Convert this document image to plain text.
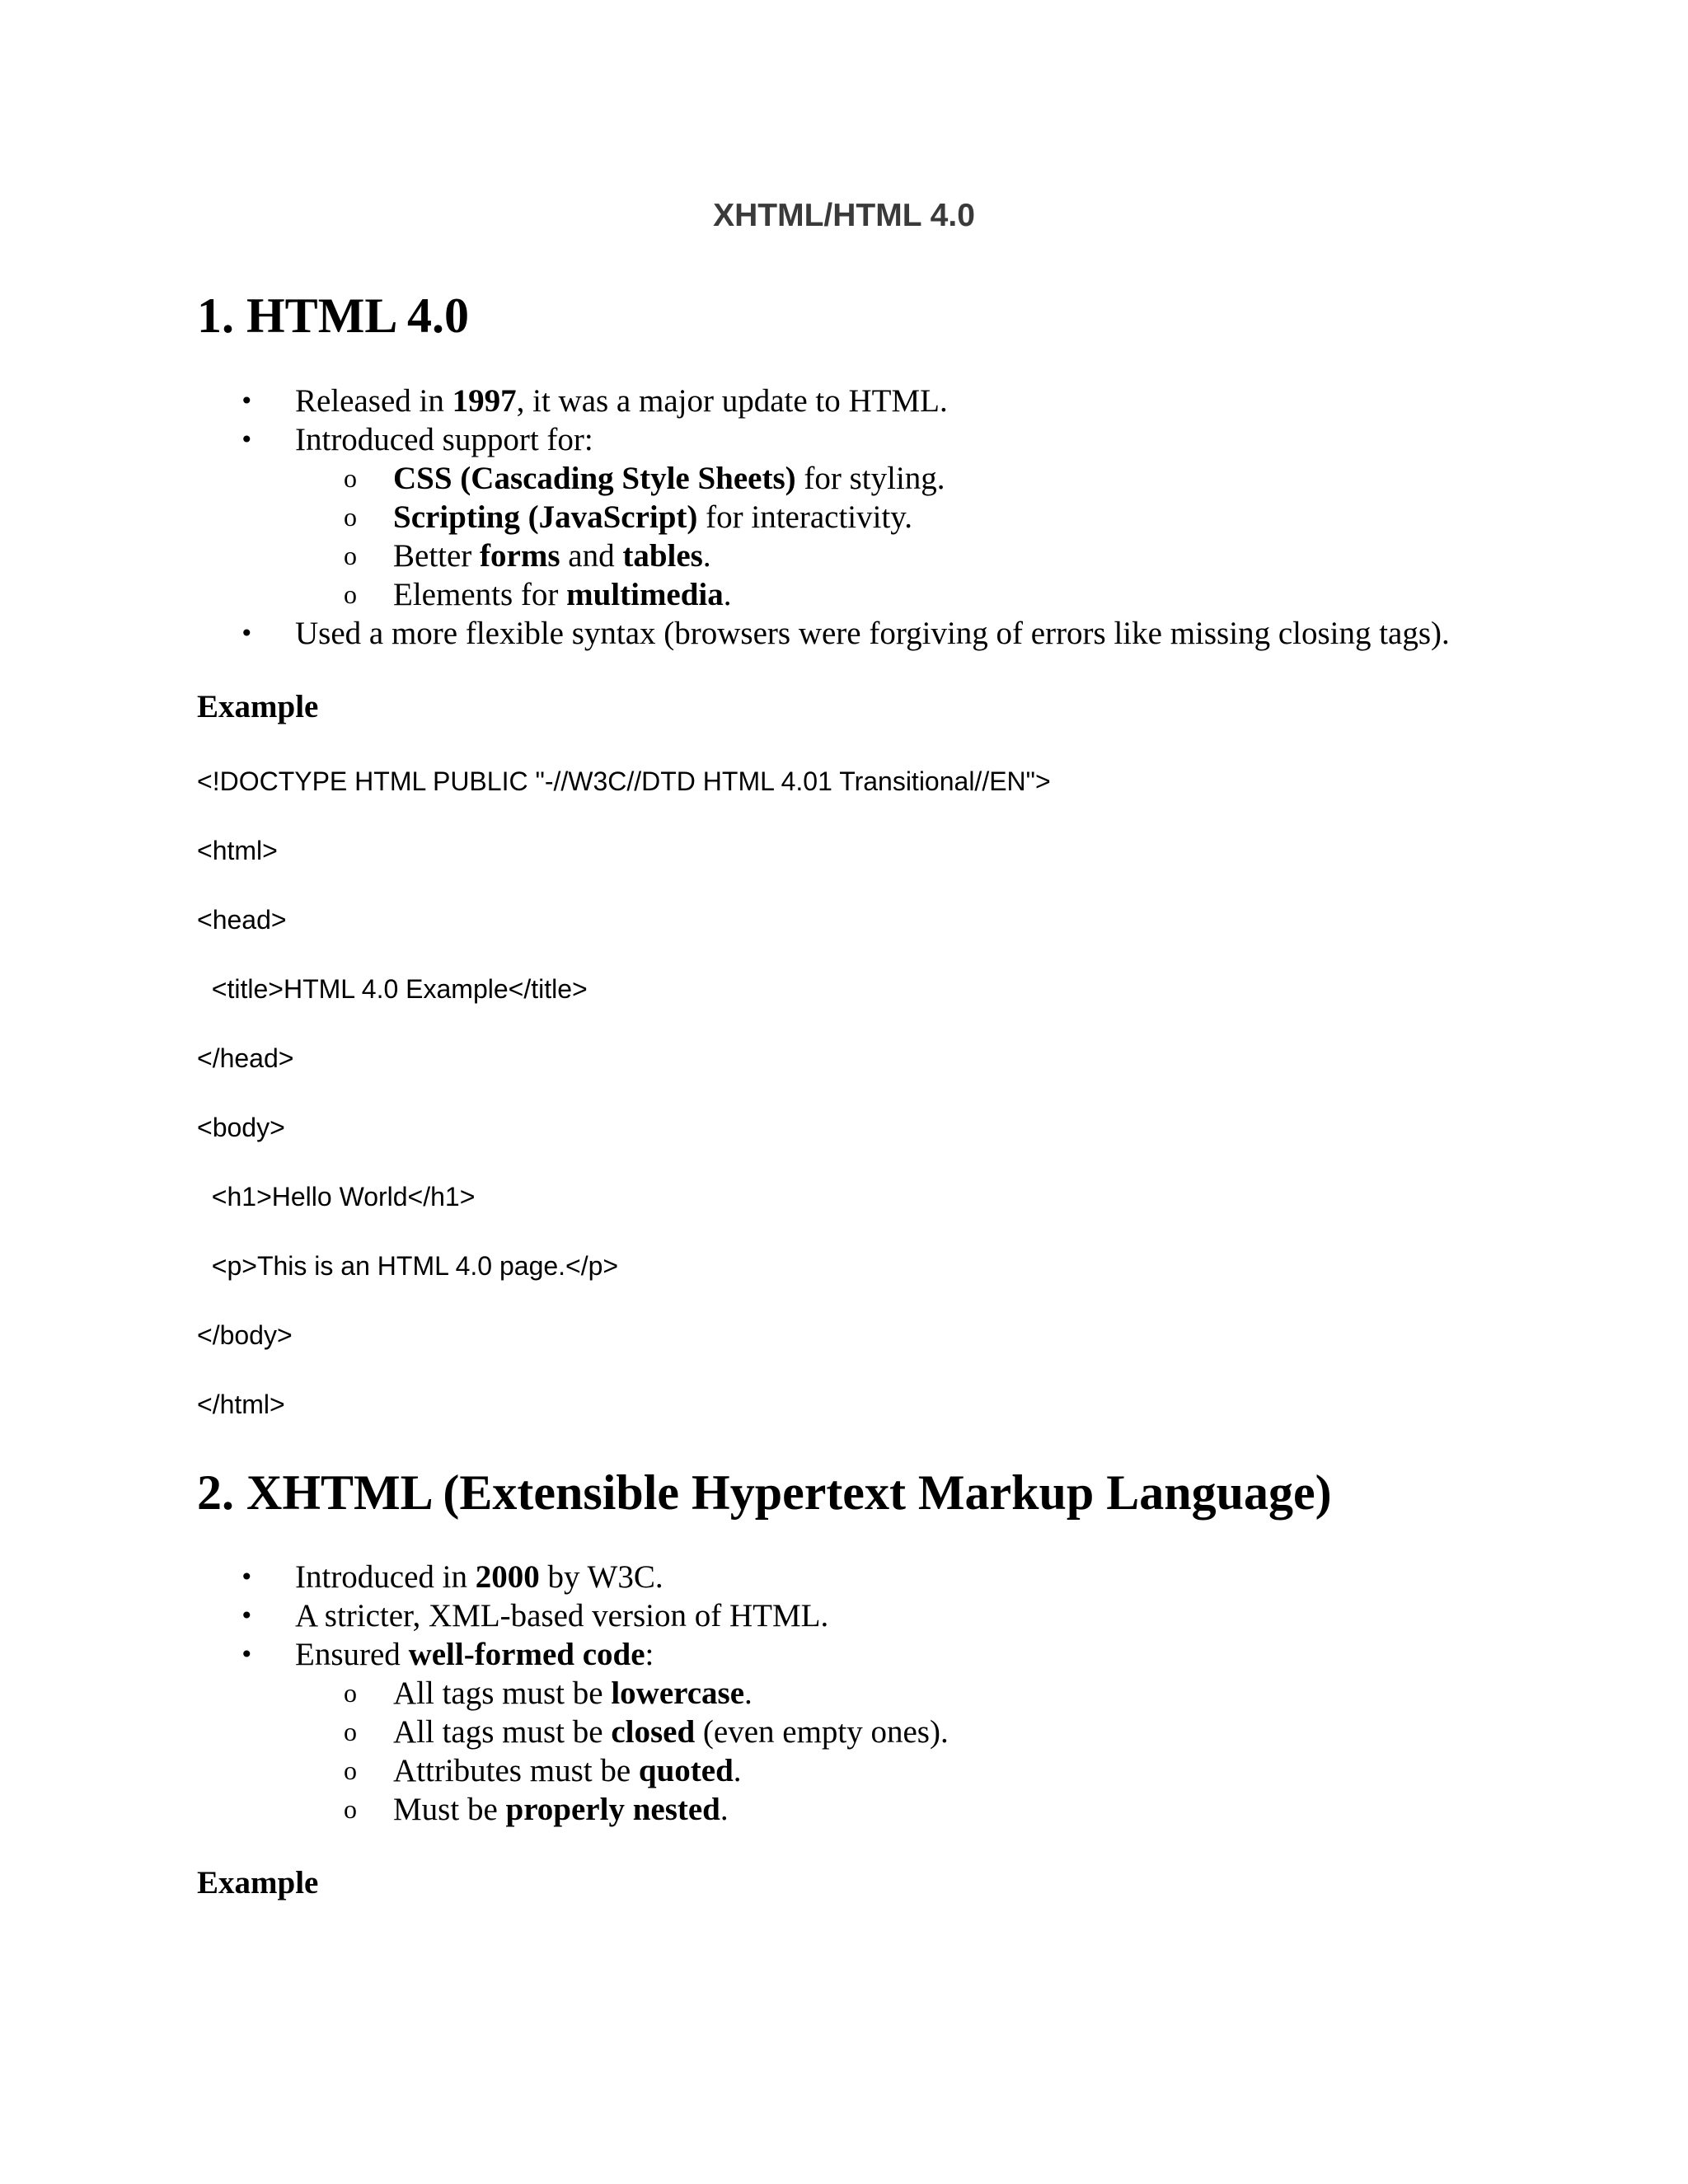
XHTML/HTML 4.0
1. HTML 4.0
• Released in 1997, it was a major update to HTML.
• Introduced support for:
o CSS (Cascading Style Sheets) for styling.
o Scripting (JavaScript) for interactivity.
o Better forms and tables.
o Elements for multimedia.
• Used a more flexible syntax (browsers were forgiving of errors like missing closing tags).
Example
<!DOCTYPE HTML PUBLIC "-//W3C//DTD HTML 4.01 Transitional//EN">
<html>
<head>
<title>HTML 4.0 Example</title>
</head>
<body>
<h1>Hello World</h1>
<p>This is an HTML 4.0 page.</p>
</body>
</html>
2. XHTML (Extensible Hypertext Markup Language)
• Introduced in 2000 by W3C.
• A stricter, XML-based version of HTML.
• Ensured well-formed code:
o All tags must be lowercase.
o All tags must be closed (even empty ones).
o Attributes must be quoted.
o Must be properly nested.
Example
